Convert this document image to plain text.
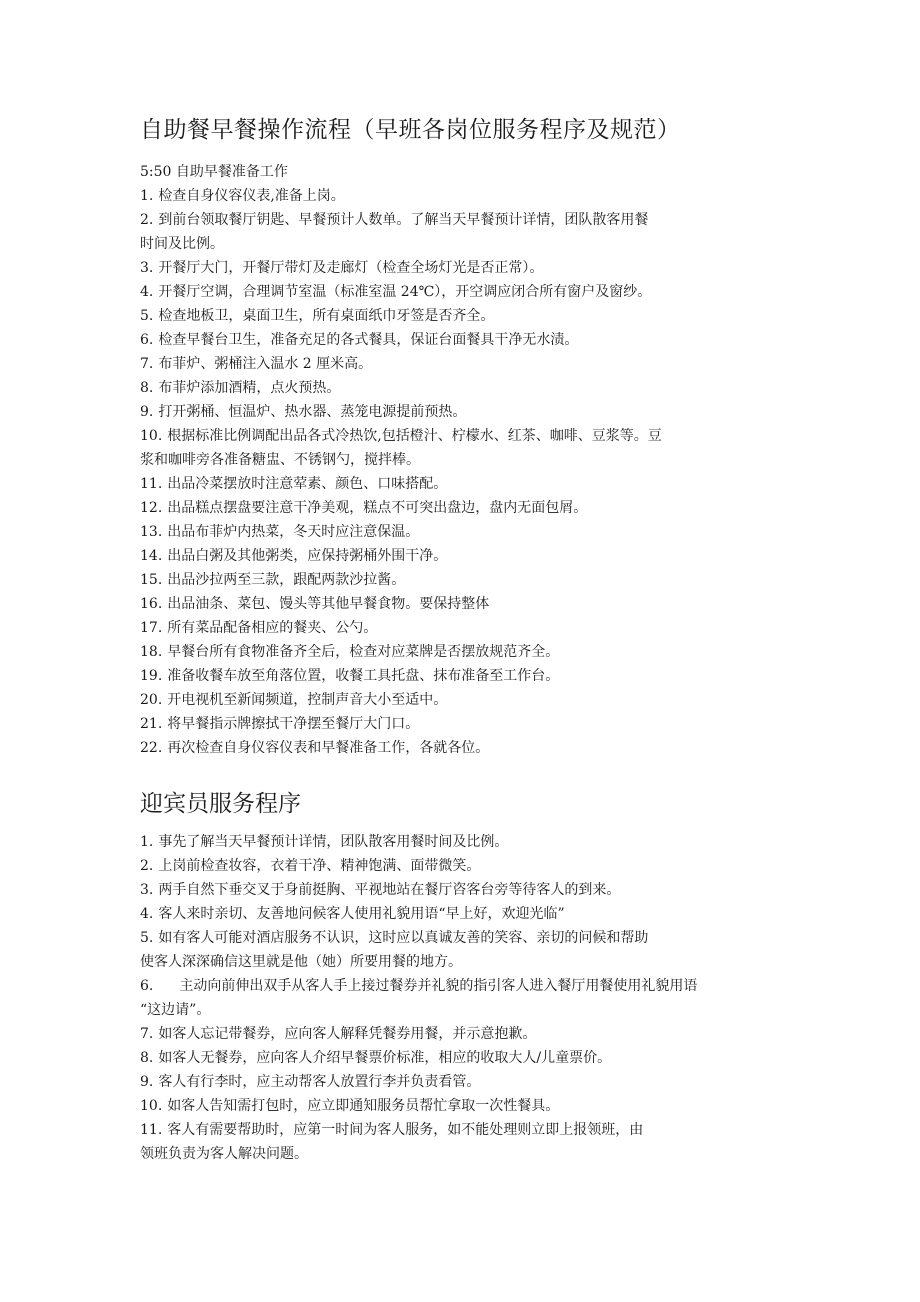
自助餐早餐操作流程（早班各岗位服务程序及规范）

5:50 自助早餐准备工作

1. 检查自身仪容仪表,准备上岗。

2. 到前台领取餐厅钥匙、早餐预计人数单。了解当天早餐预计详情，团队散客用餐

时间及比例。

3. 开餐厅大门，开餐厅带灯及走廊灯（检查全场灯光是否正常）。

4. 开餐厅空调，合理调节室温（标准室温 24℃），开空调应闭合所有窗户及窗纱。

5. 检查地板卫，桌面卫生，所有桌面纸巾牙签是否齐全。

6. 检查早餐台卫生，准备充足的各式餐具，保证台面餐具干净无水渍。

7. 布菲炉、粥桶注入温水 2 厘米高。

8. 布菲炉添加酒精，点火预热。

9. 打开粥桶、恒温炉、热水器、蒸笼电源提前预热。

10. 根据标准比例调配出品各式冷热饮,包括橙汁、柠檬水、红茶、咖啡、豆浆等。豆

浆和咖啡旁各准备糖盅、不锈钢勺，搅拌棒。

11. 出品冷菜摆放时注意荤素、颜色、口味搭配。

12. 出品糕点摆盘要注意干净美观，糕点不可突出盘边，盘内无面包屑。

13. 出品布菲炉内热菜，冬天时应注意保温。

14. 出品白粥及其他粥类，应保持粥桶外围干净。

15. 出品沙拉两至三款，跟配两款沙拉酱。

16. 出品油条、菜包、馒头等其他早餐食物。要保持整体

17. 所有菜品配备相应的餐夹、公勺。

18. 早餐台所有食物准备齐全后，检查对应菜牌是否摆放规范齐全。

19. 准备收餐车放至角落位置，收餐工具托盘、抹布准备至工作台。

20. 开电视机至新闻频道，控制声音大小至适中。

21. 将早餐指示牌擦拭干净摆至餐厅大门口。

22. 再次检查自身仪容仪表和早餐准备工作，各就各位。

迎宾员服务程序

1. 事先了解当天早餐预计详情，团队散客用餐时间及比例。

2. 上岗前检查妆容，衣着干净、精神饱满、面带微笑。

3. 两手自然下垂交叉于身前挺胸、平视地站在餐厅咨客台旁等待客人的到来。

4. 客人来时亲切、友善地问候客人使用礼貌用语“早上好，欢迎光临”

5. 如有客人可能对酒店服务不认识，这时应以真诚友善的笑容、亲切的问候和帮助

使客人深深确信这里就是他（她）所要用餐的地方。

6. 主动向前伸出双手从客人手上接过餐券并礼貌的指引客人进入餐厅用餐使用礼貌用语

“这边请”。

7. 如客人忘记带餐券，应向客人解释凭餐券用餐，并示意抱歉。

8. 如客人无餐券，应向客人介绍早餐票价标准，相应的收取大人/儿童票价。

9. 客人有行李时，应主动帮客人放置行李并负责看管。

10. 如客人告知需打包时，应立即通知服务员帮忙拿取一次性餐具。

11. 客人有需要帮助时，应第一时间为客人服务，如不能处理则立即上报领班，由

领班负责为客人解决问题。
